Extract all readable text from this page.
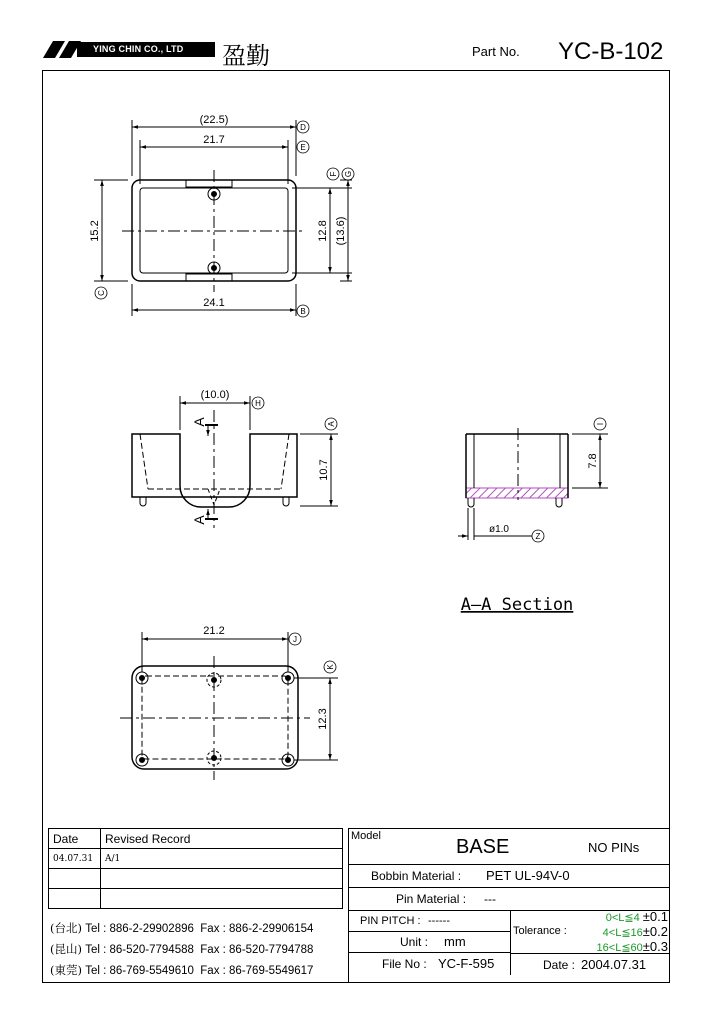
YING CHIN CO., LTD 盈勤	Part No. YC-B-102
(22.5)
21.7
24.1
15.2	12.8 (13.6)
(10.0)
10.7
A
A
7.8
ø1.0
21.2
12.3
D
E
F G
C
B
H
A	I
Z
J
K
A–A Section
Date	Revised Record
04.07.31	A/1

(台北) Tel : 886-2-29902896 Fax : 886-2-29906154
(昆山) Tel : 86-520-7794588 Fax : 86-520-7794788
(東莞) Tel : 86-769-5549610 Fax : 86-769-5549617
Model	BASE	NO PINs
Bobbin Material : PET UL-94V-0
Pin Material : ---
PIN PITCH : ------
Unit : mm
File No : YC-F-595
Tolerance :
0<L≦4 ±0.1
4<L≦16±0.2
16<L≦60±0.3
Date : 2004.07.31
